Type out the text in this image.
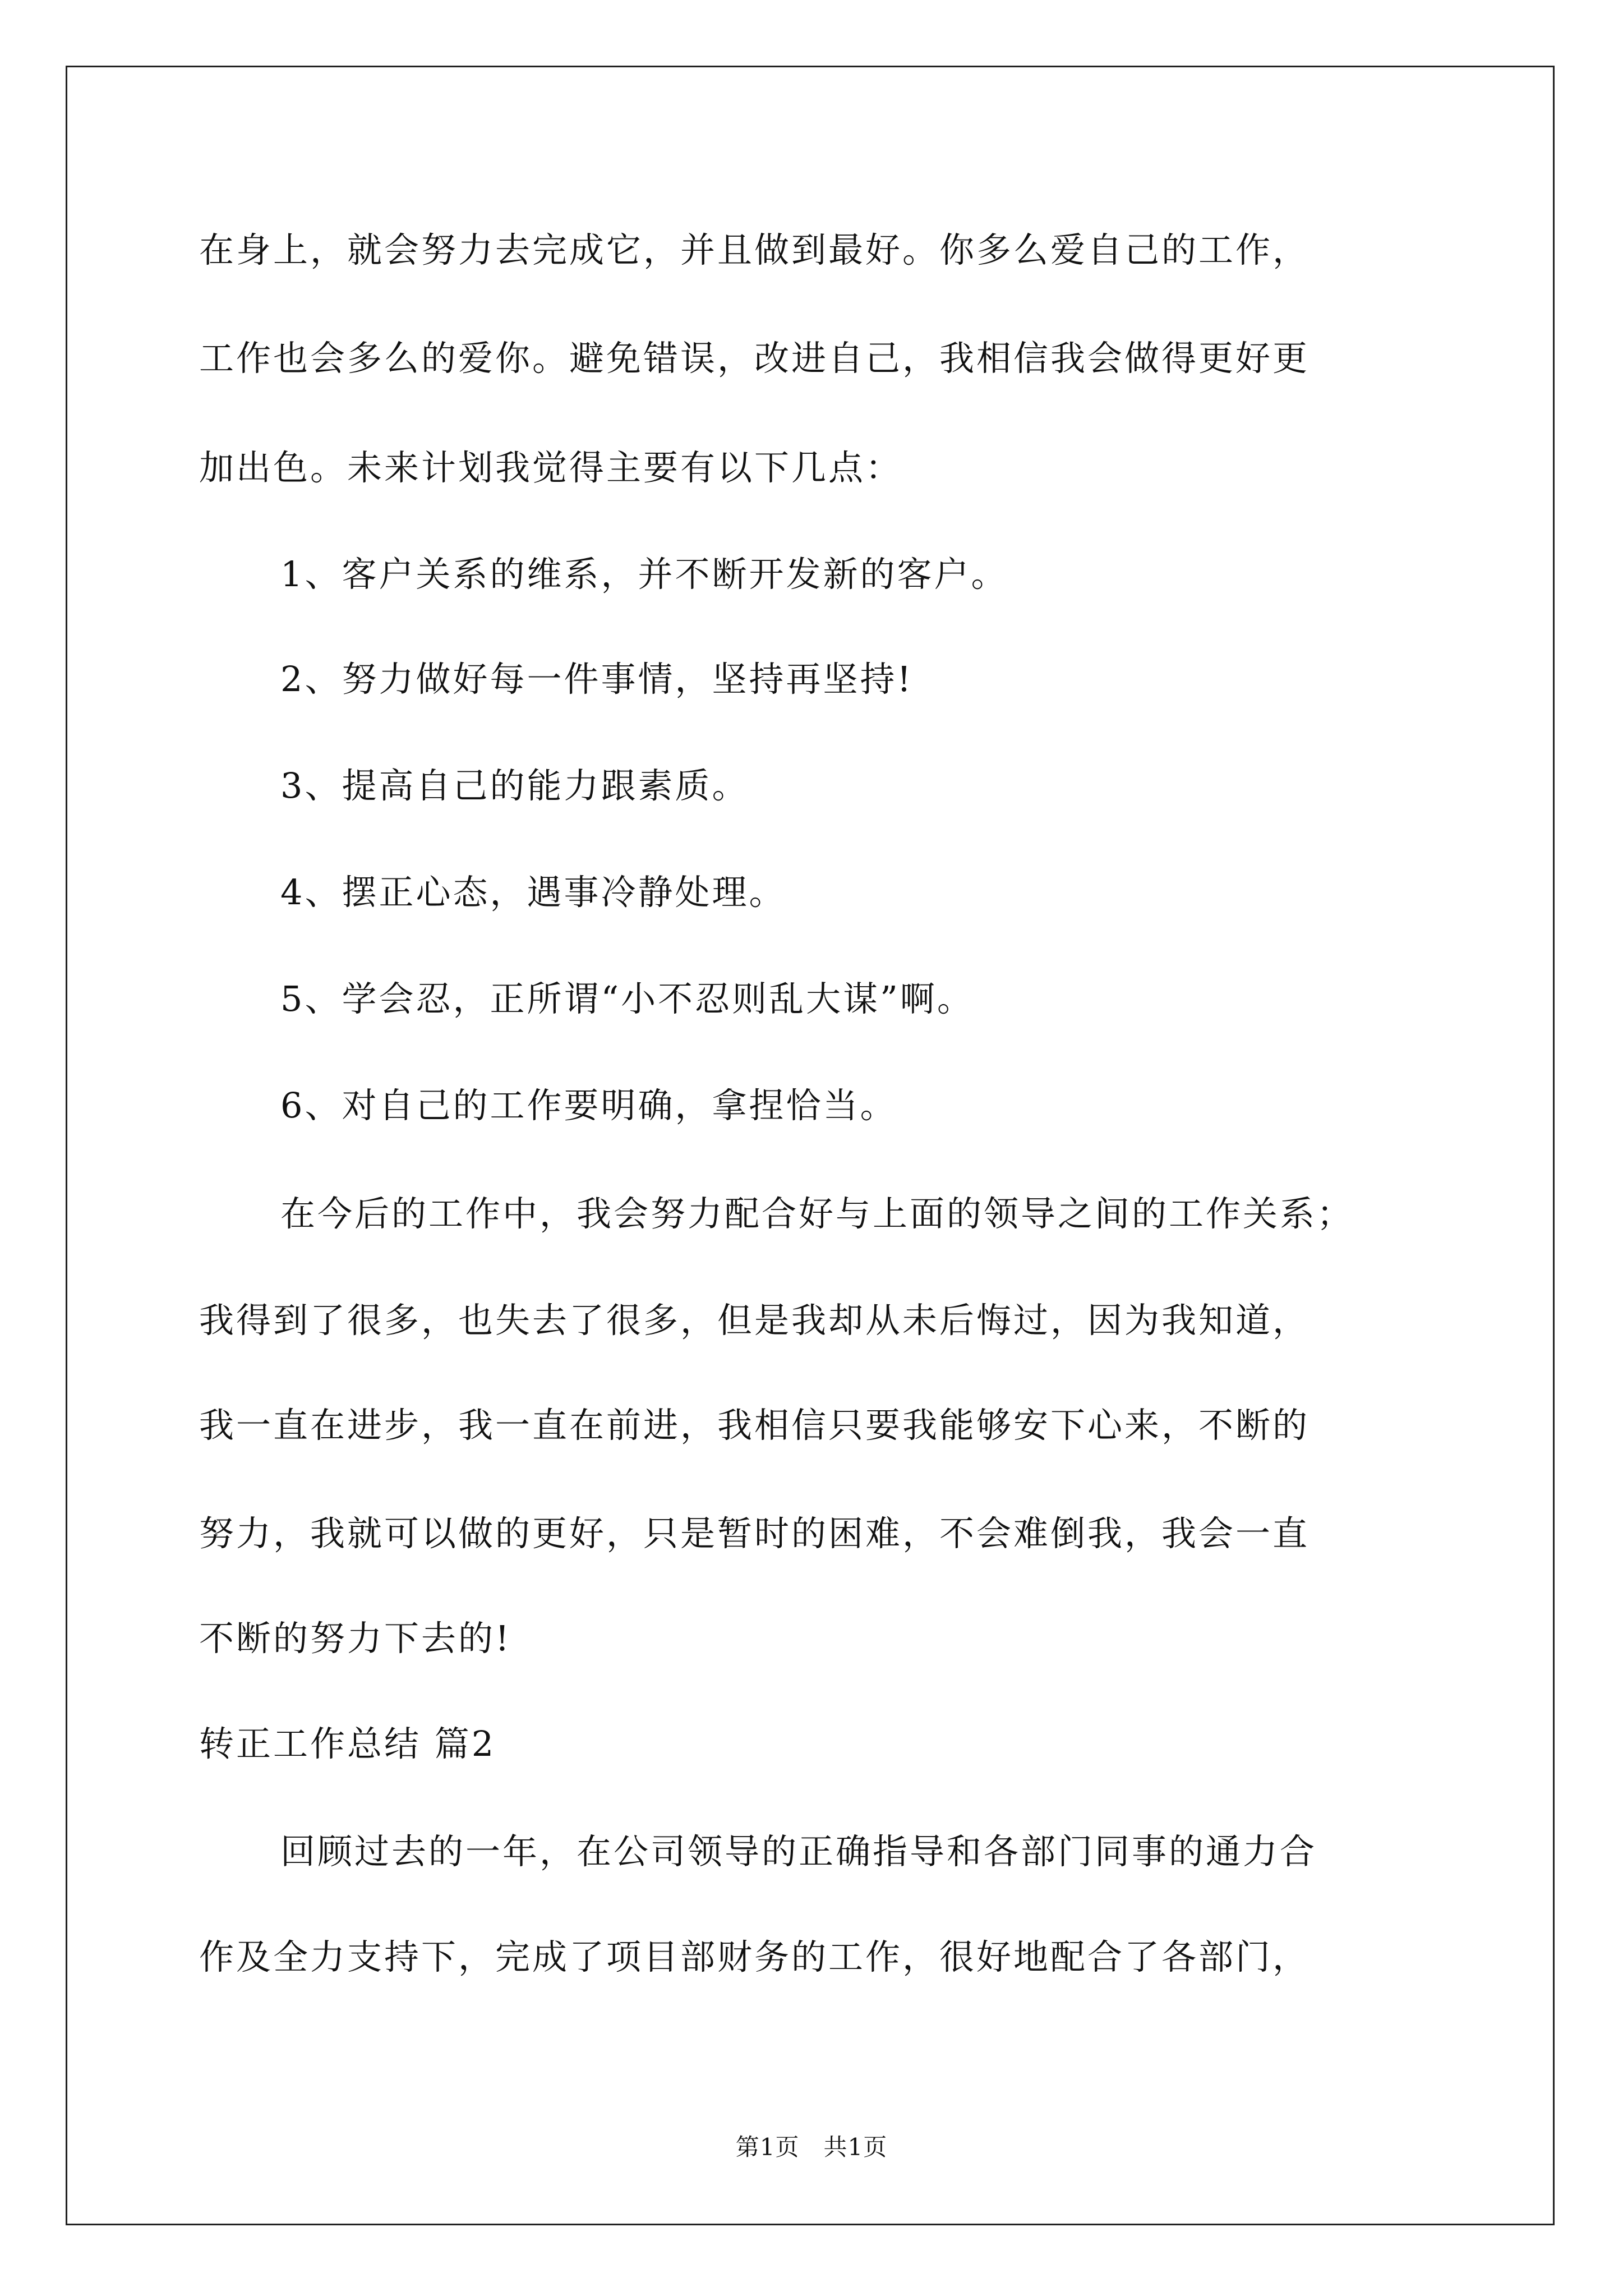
在身上，就会努力去完成它，并且做到最好。你多么爱自己的工作，
工作也会多么的爱你。避免错误，改进自己，我相信我会做得更好更
加出色。未来计划我觉得主要有以下几点：
1、客户关系的维系，并不断开发新的客户。
2、努力做好每一件事情，坚持再坚持!
3、提高自己的能力跟素质。
4、摆正心态，遇事冷静处理。
5、学会忍，正所谓“小不忍则乱大谋”啊。
6、对自己的工作要明确，拿捏恰当。
在今后的工作中，我会努力配合好与上面的领导之间的工作关系；
我得到了很多，也失去了很多，但是我却从未后悔过，因为我知道，
我一直在进步，我一直在前进，我相信只要我能够安下心来，不断的
努力，我就可以做的更好，只是暂时的困难，不会难倒我，我会一直
不断的努力下去的!
转正工作总结 篇2
回顾过去的一年，在公司领导的正确指导和各部门同事的通力合
作及全力支持下，完成了项目部财务的工作，很好地配合了各部门，
第1页　共1页
